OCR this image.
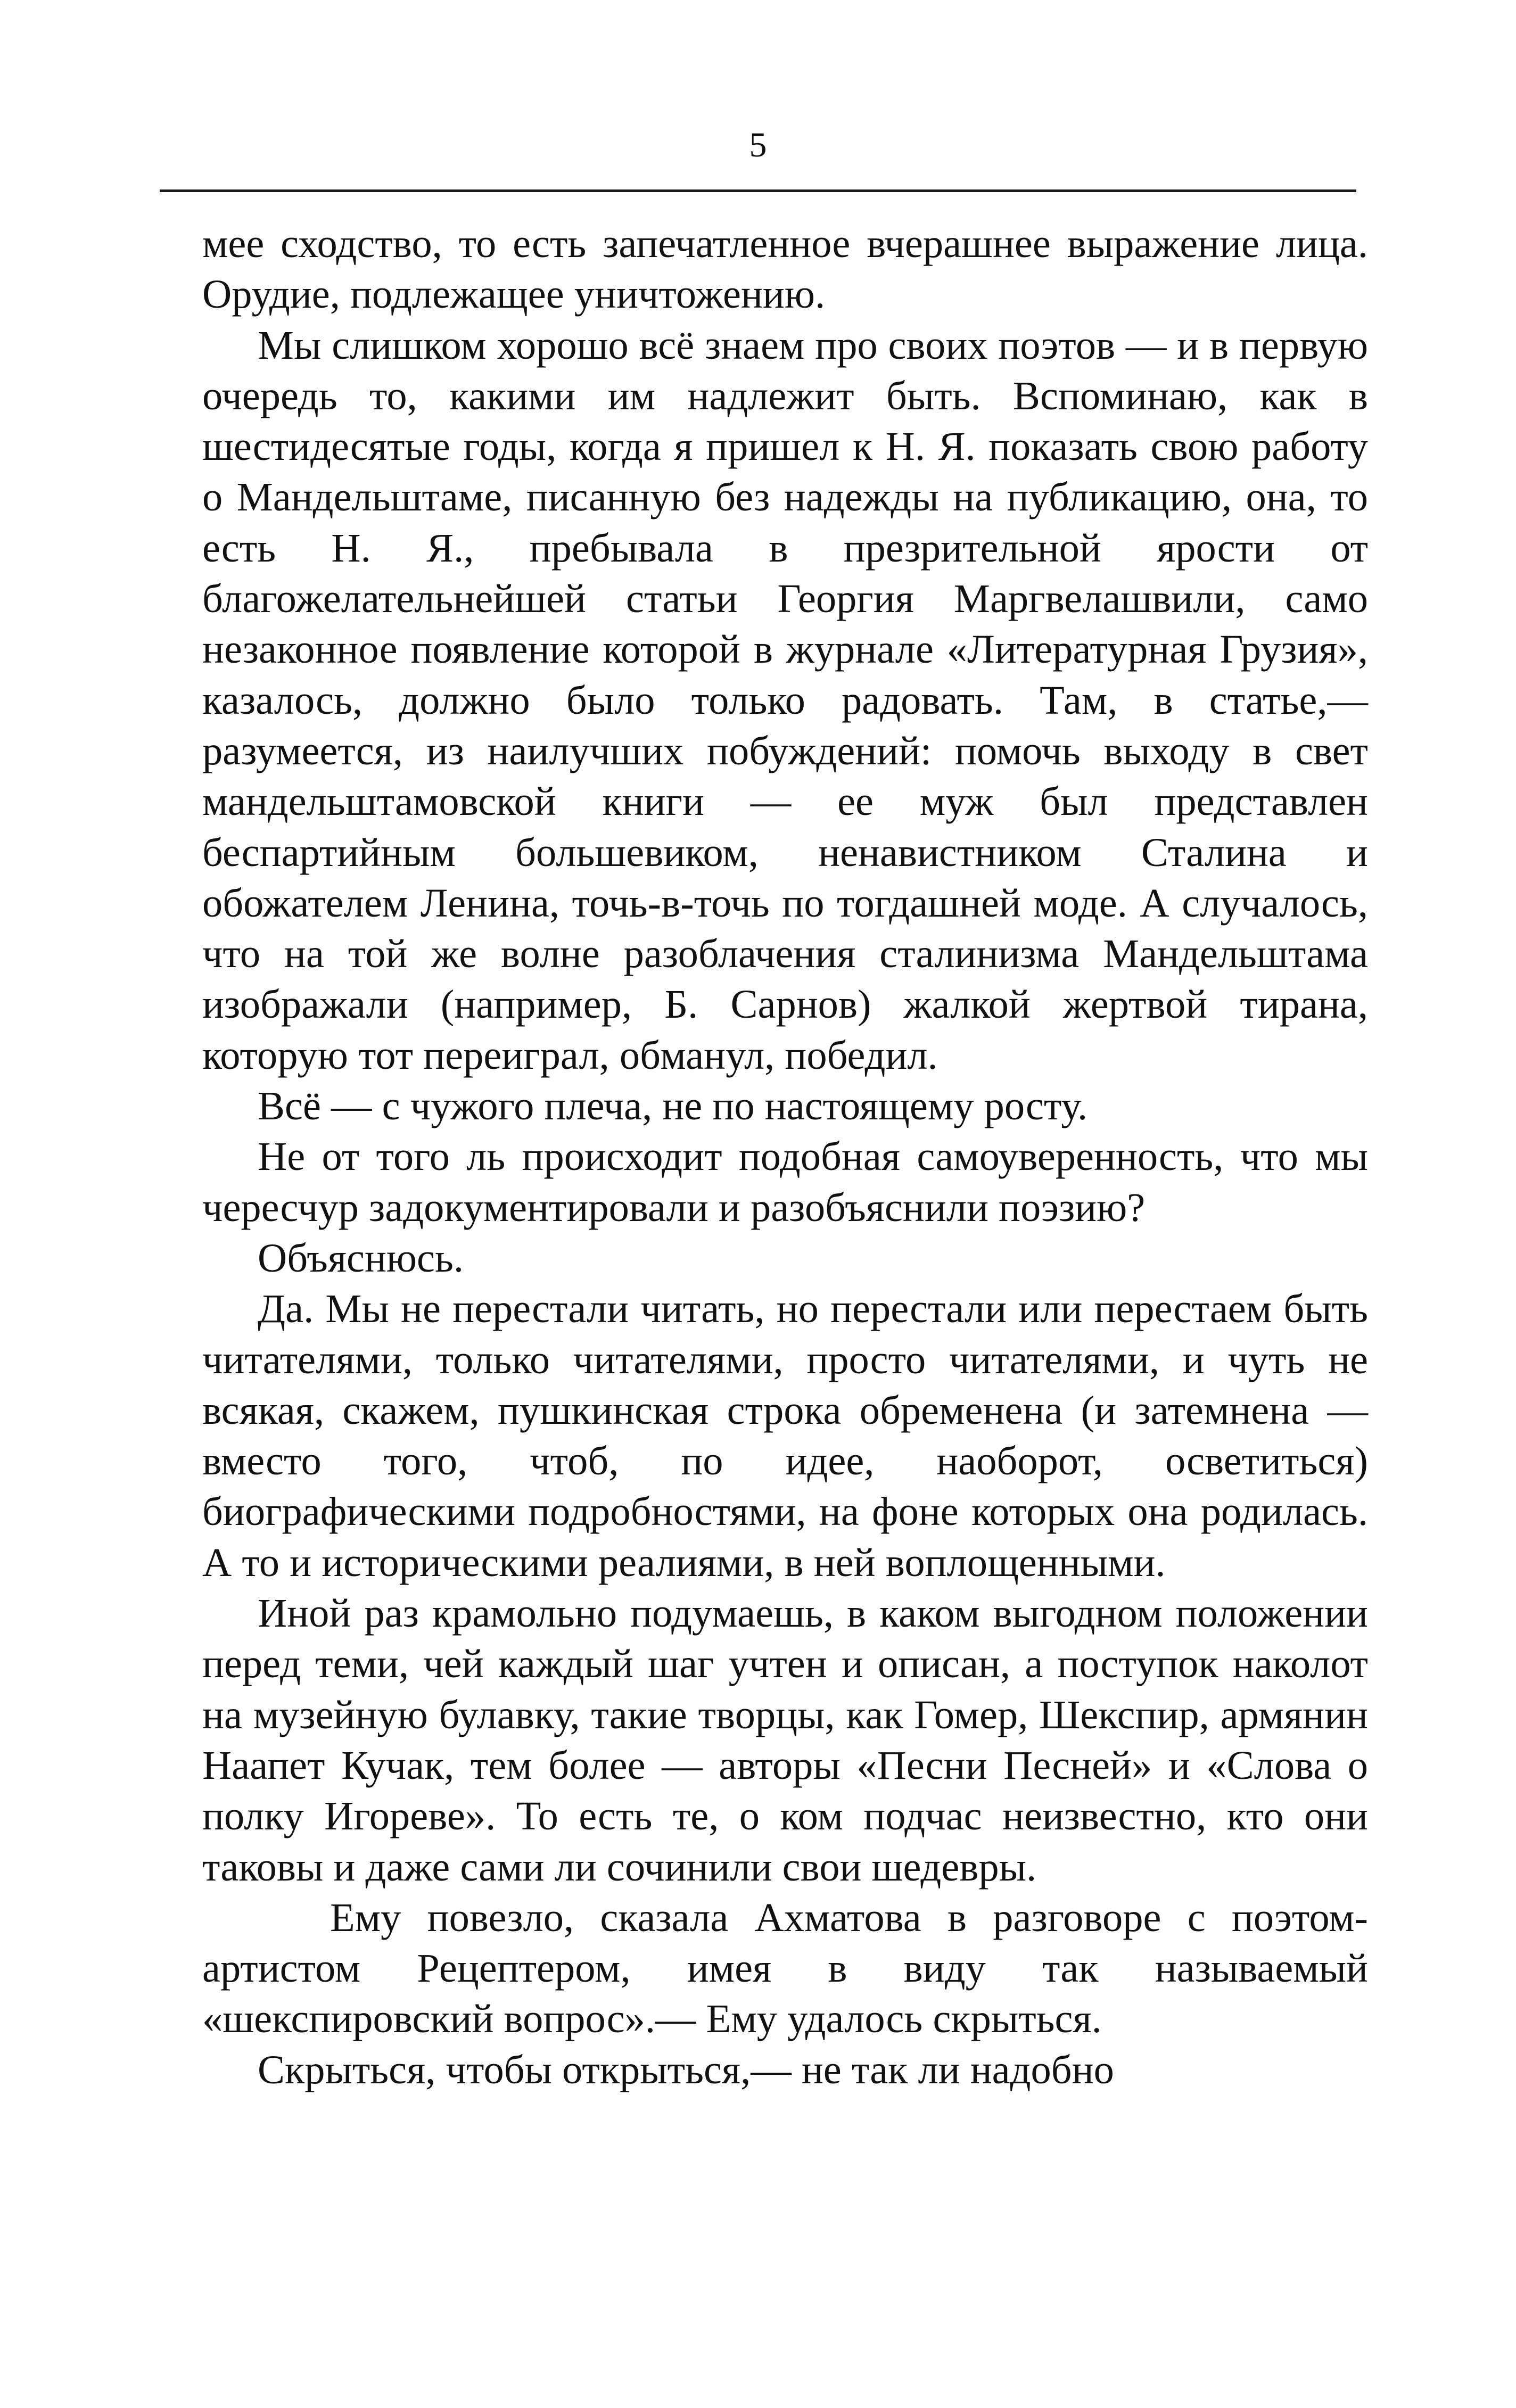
5

мее сходство, то есть запечатленное вчерашнее выражение лица. Орудие, подлежащее уничтожению.

Мы слишком хорошо всё знаем про своих поэтов — и в первую очередь то, какими им надлежит быть. Вспоминаю, как в шестидесятые годы, когда я пришел к Н. Я. показать свою работу о Мандельштаме, писанную без надежды на публикацию, она, то есть Н. Я., пребывала в презрительной ярости от благожелательнейшей статьи Георгия Маргвелашвили, само незаконное появление которой в журнале «Литературная Грузия», казалось, должно было только радовать. Там, в статье,— разумеется, из наилучших побуждений: помочь выходу в свет мандельштамовской книги — ее муж был представлен беспартийным большевиком, ненавистником Сталина и обожателем Ленина, точь-в-точь по тогдашней моде. А случалось, что на той же волне разоблачения сталинизма Мандельштама изображали (например, Б. Сарнов) жалкой жертвой тирана, которую тот переиграл, обманул, победил.

Всё — с чужого плеча, не по настоящему росту.

Не от того ль происходит подобная самоуверенность, что мы чересчур задокументировали и разобъяснили поэзию?

Объяснюсь.

Да. Мы не перестали читать, но перестали или перестаем быть читателями, только читателями, просто читателями, и чуть не всякая, скажем, пушкинская строка обременена (и затемнена — вместо того, чтоб, по идее, наоборот, осветиться) биографическими подробностями, на фоне которых она родилась. А то и историческими реалиями, в ней воплощенными.

Иной раз крамольно подумаешь, в каком выгодном положении перед теми, чей каждый шаг учтен и описан, а поступок наколот на музейную булавку, такие творцы, как Гомер, Шекспир, армянин Наапет Кучак, тем более — авторы «Песни Песней» и «Слова о полку Игореве». То есть те, о ком подчас неизвестно, кто они таковы и даже сами ли сочинили свои шедевры.

Ему повезло, сказала Ахматова в разговоре с поэтом-артистом Рецептером, имея в виду так называемый «шекспировский вопрос».— Ему удалось скрыться.

Скрыться, чтобы открыться,— не так ли надобно
